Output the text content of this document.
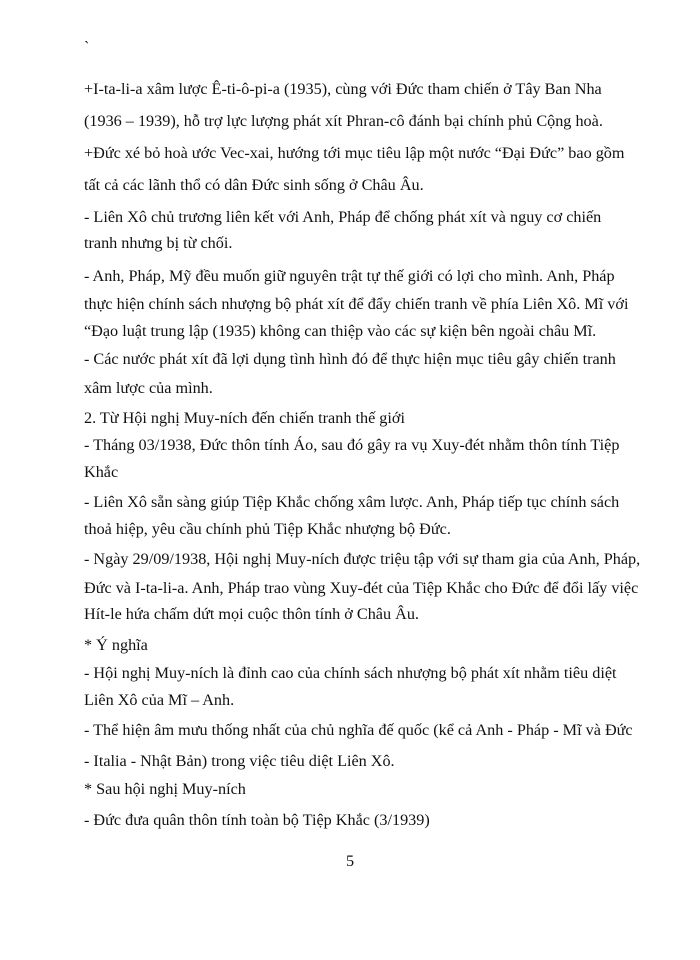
`

+I-ta-li-a xâm lược Ê-ti-ô-pi-a (1935), cùng với Đức tham chiến ở Tây Ban Nha

(1936 – 1939), hỗ trợ lực lượng phát xít Phran-cô đánh bại chính phủ Cộng hoà.

+Đức xé bỏ hoà ước Vec-xai, hướng tới mục tiêu lập một nước “Đại Đức” bao gồm

tất cả các lãnh thổ có dân Đức sinh sống ở Châu Âu.

- Liên Xô chủ trương liên kết với Anh, Pháp để chống phát xít và nguy cơ chiến

tranh nhưng bị từ chối.

- Anh, Pháp, Mỹ đều muốn giữ nguyên trật tự thế giới có lợi cho mình. Anh, Pháp

thực hiện chính sách nhượng bộ phát xít để đẩy chiến tranh về phía Liên Xô. Mĩ với

“Đạo luật trung lập (1935) không can thiệp vào các sự kiện bên ngoài châu Mĩ.

- Các nước phát xít đã lợi dụng tình hình đó để thực hiện mục tiêu gây chiến tranh

xâm lược của mình.

2. Từ Hội nghị Muy-ních đến chiến tranh thế giới

- Tháng 03/1938, Đức thôn tính Áo, sau đó gây ra vụ Xuy-đét nhằm thôn tính Tiệp

Khắc

- Liên Xô sẵn sàng giúp Tiệp Khắc chống xâm lược. Anh, Pháp tiếp tục chính sách

thoả hiệp, yêu cầu chính phủ Tiệp Khắc nhượng bộ Đức.

- Ngày 29/09/1938, Hội nghị Muy-ních được triệu tập với sự tham gia của Anh, Pháp,

Đức và I-ta-li-a. Anh, Pháp trao vùng Xuy-đét của Tiệp Khắc cho Đức để đổi lấy việc

Hít-le hứa chấm dứt mọi cuộc thôn tính ở Châu Âu.

* Ý nghĩa

- Hội nghị Muy-ních là đỉnh cao của chính sách nhượng bộ phát xít nhằm tiêu diệt

Liên Xô của Mĩ – Anh.

- Thể hiện âm mưu thống nhất của chủ nghĩa đế quốc (kể cả Anh - Pháp - Mĩ và Đức

- Italia - Nhật Bản) trong việc tiêu diệt Liên Xô.

* Sau hội nghị Muy-ních

- Đức đưa quân thôn tính toàn bộ Tiệp Khắc (3/1939)

5
